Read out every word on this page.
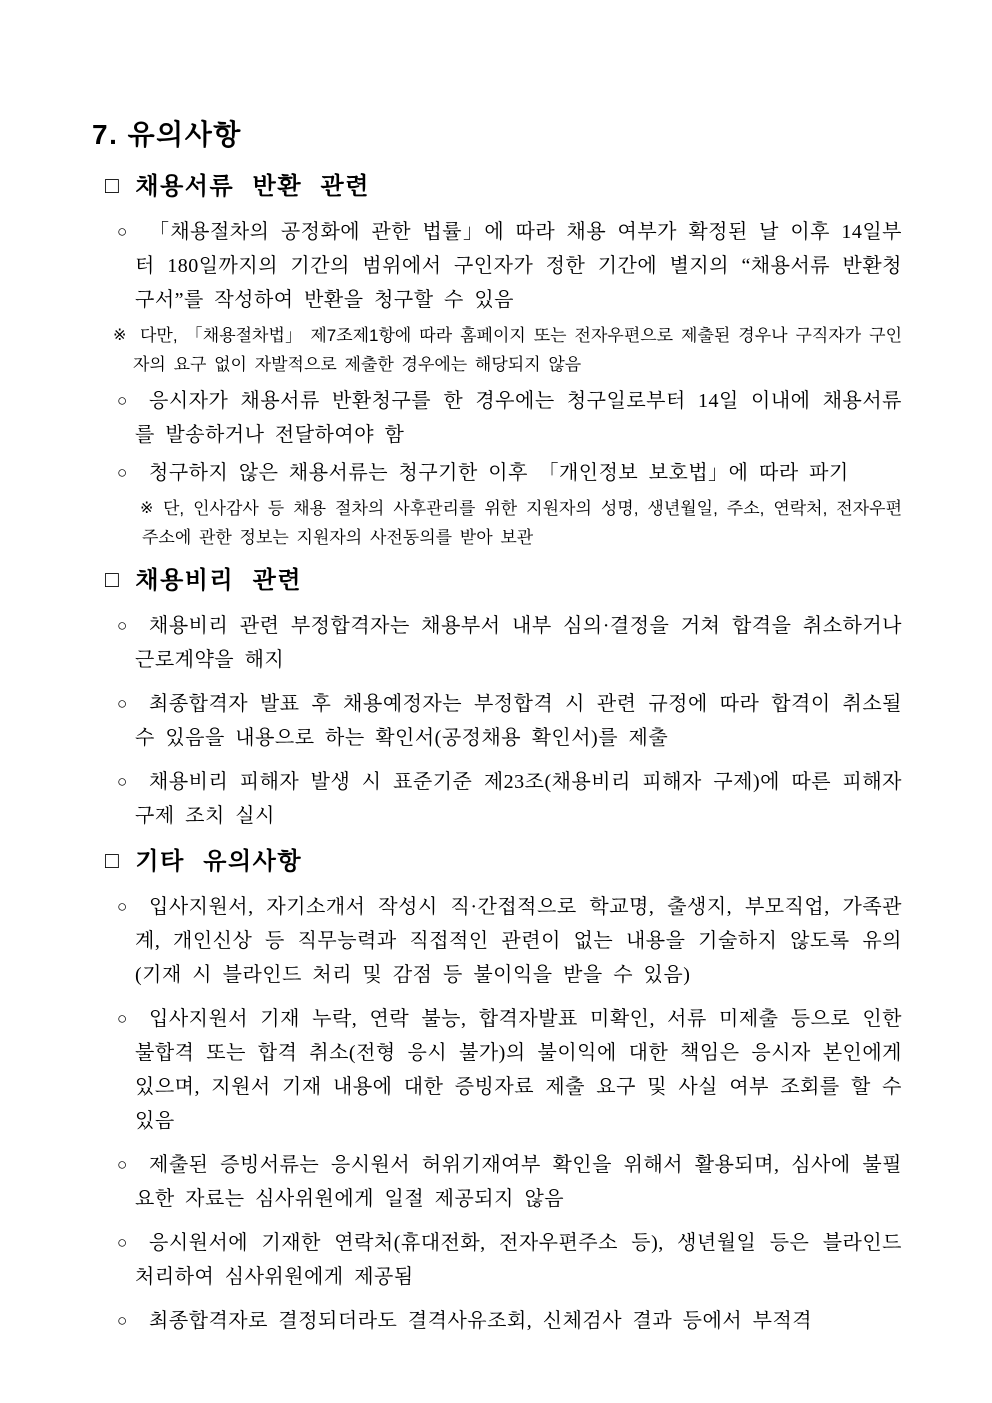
7. 유의사항
□ 채용서류 반환 관련
○ 「채용절차의 공정화에 관한 법률」에 따라 채용 여부가 확정된 날 이후 14일부터 180일까지의 기간의 범위에서 구인자가 정한 기간에 별지의 “채용서류 반환청구서”를 작성하여 반환을 청구할 수 있음
※ 다만, 「채용절차법」 제7조제1항에 따라 홈페이지 또는 전자우편으로 제출된 경우나 구직자가 구인자의 요구 없이 자발적으로 제출한 경우에는 해당되지 않음
○ 응시자가 채용서류 반환청구를 한 경우에는 청구일로부터 14일 이내에 채용서류를 발송하거나 전달하여야 함
○ 청구하지 않은 채용서류는 청구기한 이후 「개인정보 보호법」에 따라 파기
※ 단, 인사감사 등 채용 절차의 사후관리를 위한 지원자의 성명, 생년월일, 주소, 연락처, 전자우편주소에 관한 정보는 지원자의 사전동의를 받아 보관
□ 채용비리 관련
○ 채용비리 관련 부정합격자는 채용부서 내부 심의·결정을 거쳐 합격을 취소하거나 근로계약을 해지
○ 최종합격자 발표 후 채용예정자는 부정합격 시 관련 규정에 따라 합격이 취소될 수 있음을 내용으로 하는 확인서(공정채용 확인서)를 제출
○ 채용비리 피해자 발생 시 표준기준 제23조(채용비리 피해자 구제)에 따른 피해자 구제 조치 실시
□ 기타 유의사항
○ 입사지원서, 자기소개서 작성시 직·간접적으로 학교명, 출생지, 부모직업, 가족관계, 개인신상 등 직무능력과 직접적인 관련이 없는 내용을 기술하지 않도록 유의(기재 시 블라인드 처리 및 감점 등 불이익을 받을 수 있음)
○ 입사지원서 기재 누락, 연락 불능, 합격자발표 미확인, 서류 미제출 등으로 인한 불합격 또는 합격 취소(전형 응시 불가)의 불이익에 대한 책임은 응시자 본인에게 있으며, 지원서 기재 내용에 대한 증빙자료 제출 요구 및 사실 여부 조회를 할 수 있음
○ 제출된 증빙서류는 응시원서 허위기재여부 확인을 위해서 활용되며, 심사에 불필요한 자료는 심사위원에게 일절 제공되지 않음
○ 응시원서에 기재한 연락처(휴대전화, 전자우편주소 등), 생년월일 등은 블라인드 처리하여 심사위원에게 제공됨
○ 최종합격자로 결정되더라도 결격사유조회, 신체검사 결과 등에서 부적격
